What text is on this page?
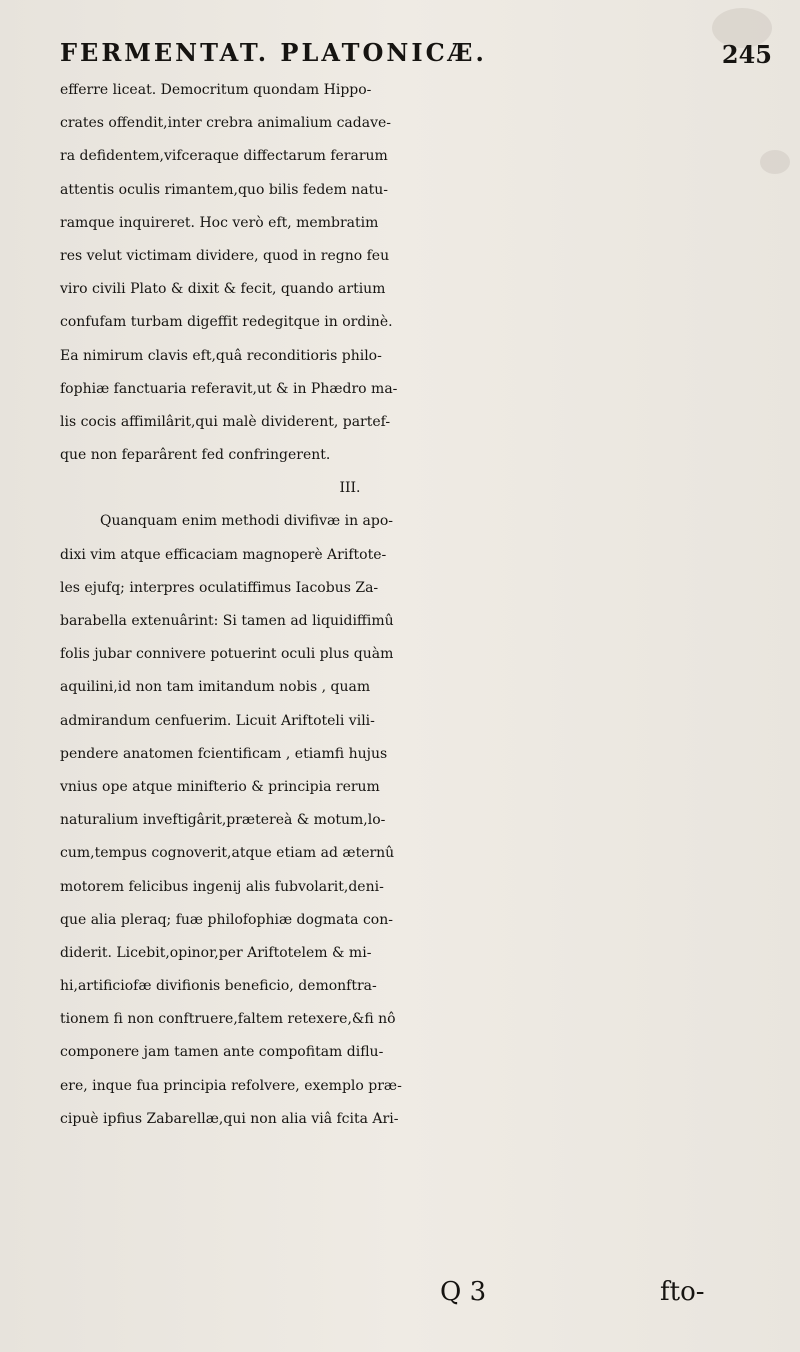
FERMENTAT. PLATONICÆ.	245
efferre liceat. Democritum quondam Hippo-
crates offendit,inter crebra animalium cadave-
ra defidentem,vifceraque diffectarum ferarum
attentis oculis rimantem,quo bilis fedem natu-
ramque inquireret. Hoc verò eft, membratim
res velut victimam dividere, quod in regno feu
viro civili Plato & dixit & fecit, quando artium
confufam turbam digeffit redegitque in ordinè.
Ea nimirum clavis eft,quâ reconditioris philo-
fophiæ fanctuaria referavit,ut & in Phædro ma-
lis cocis affimilârit,qui malè dividerent, partef-
que non feparârent fed confringerent.
III.
Quanquam enim methodi divifivæ in apo-
dixi vim atque efficaciam magnoperè Ariftote-
les ejufq; interpres oculatiffimus Iacobus Za-
barabella extenuârint: Si tamen ad liquidiffimû
folis jubar connivere potuerint oculi plus quàm
aquilini,id non tam imitandum nobis , quam
admirandum cenfuerim. Licuit Ariftoteli vili-
pendere anatomen fcientificam , etiamfi hujus
vnius ope atque minifterio & principia rerum
naturalium inveftigârit,prætereà & motum,lo-
cum,tempus cognoverit,atque etiam ad æternû
motorem felicibus ingenij alis fubvolarit,deni-
que alia pleraq; fuæ philofophiæ dogmata con-
diderit. Licebit,opinor,per Ariftotelem & mi-
hi,artificiofæ divifionis beneficio, demonftra-
tionem fi non conftruere,faltem retexere,&fi nô
componere jam tamen ante compofitam diflu-
ere, inque fua principia refolvere, exemplo præ-
cipuè ipfius Zabarellæ,qui non alia viâ fcita Ari-
Q 3	fto-
